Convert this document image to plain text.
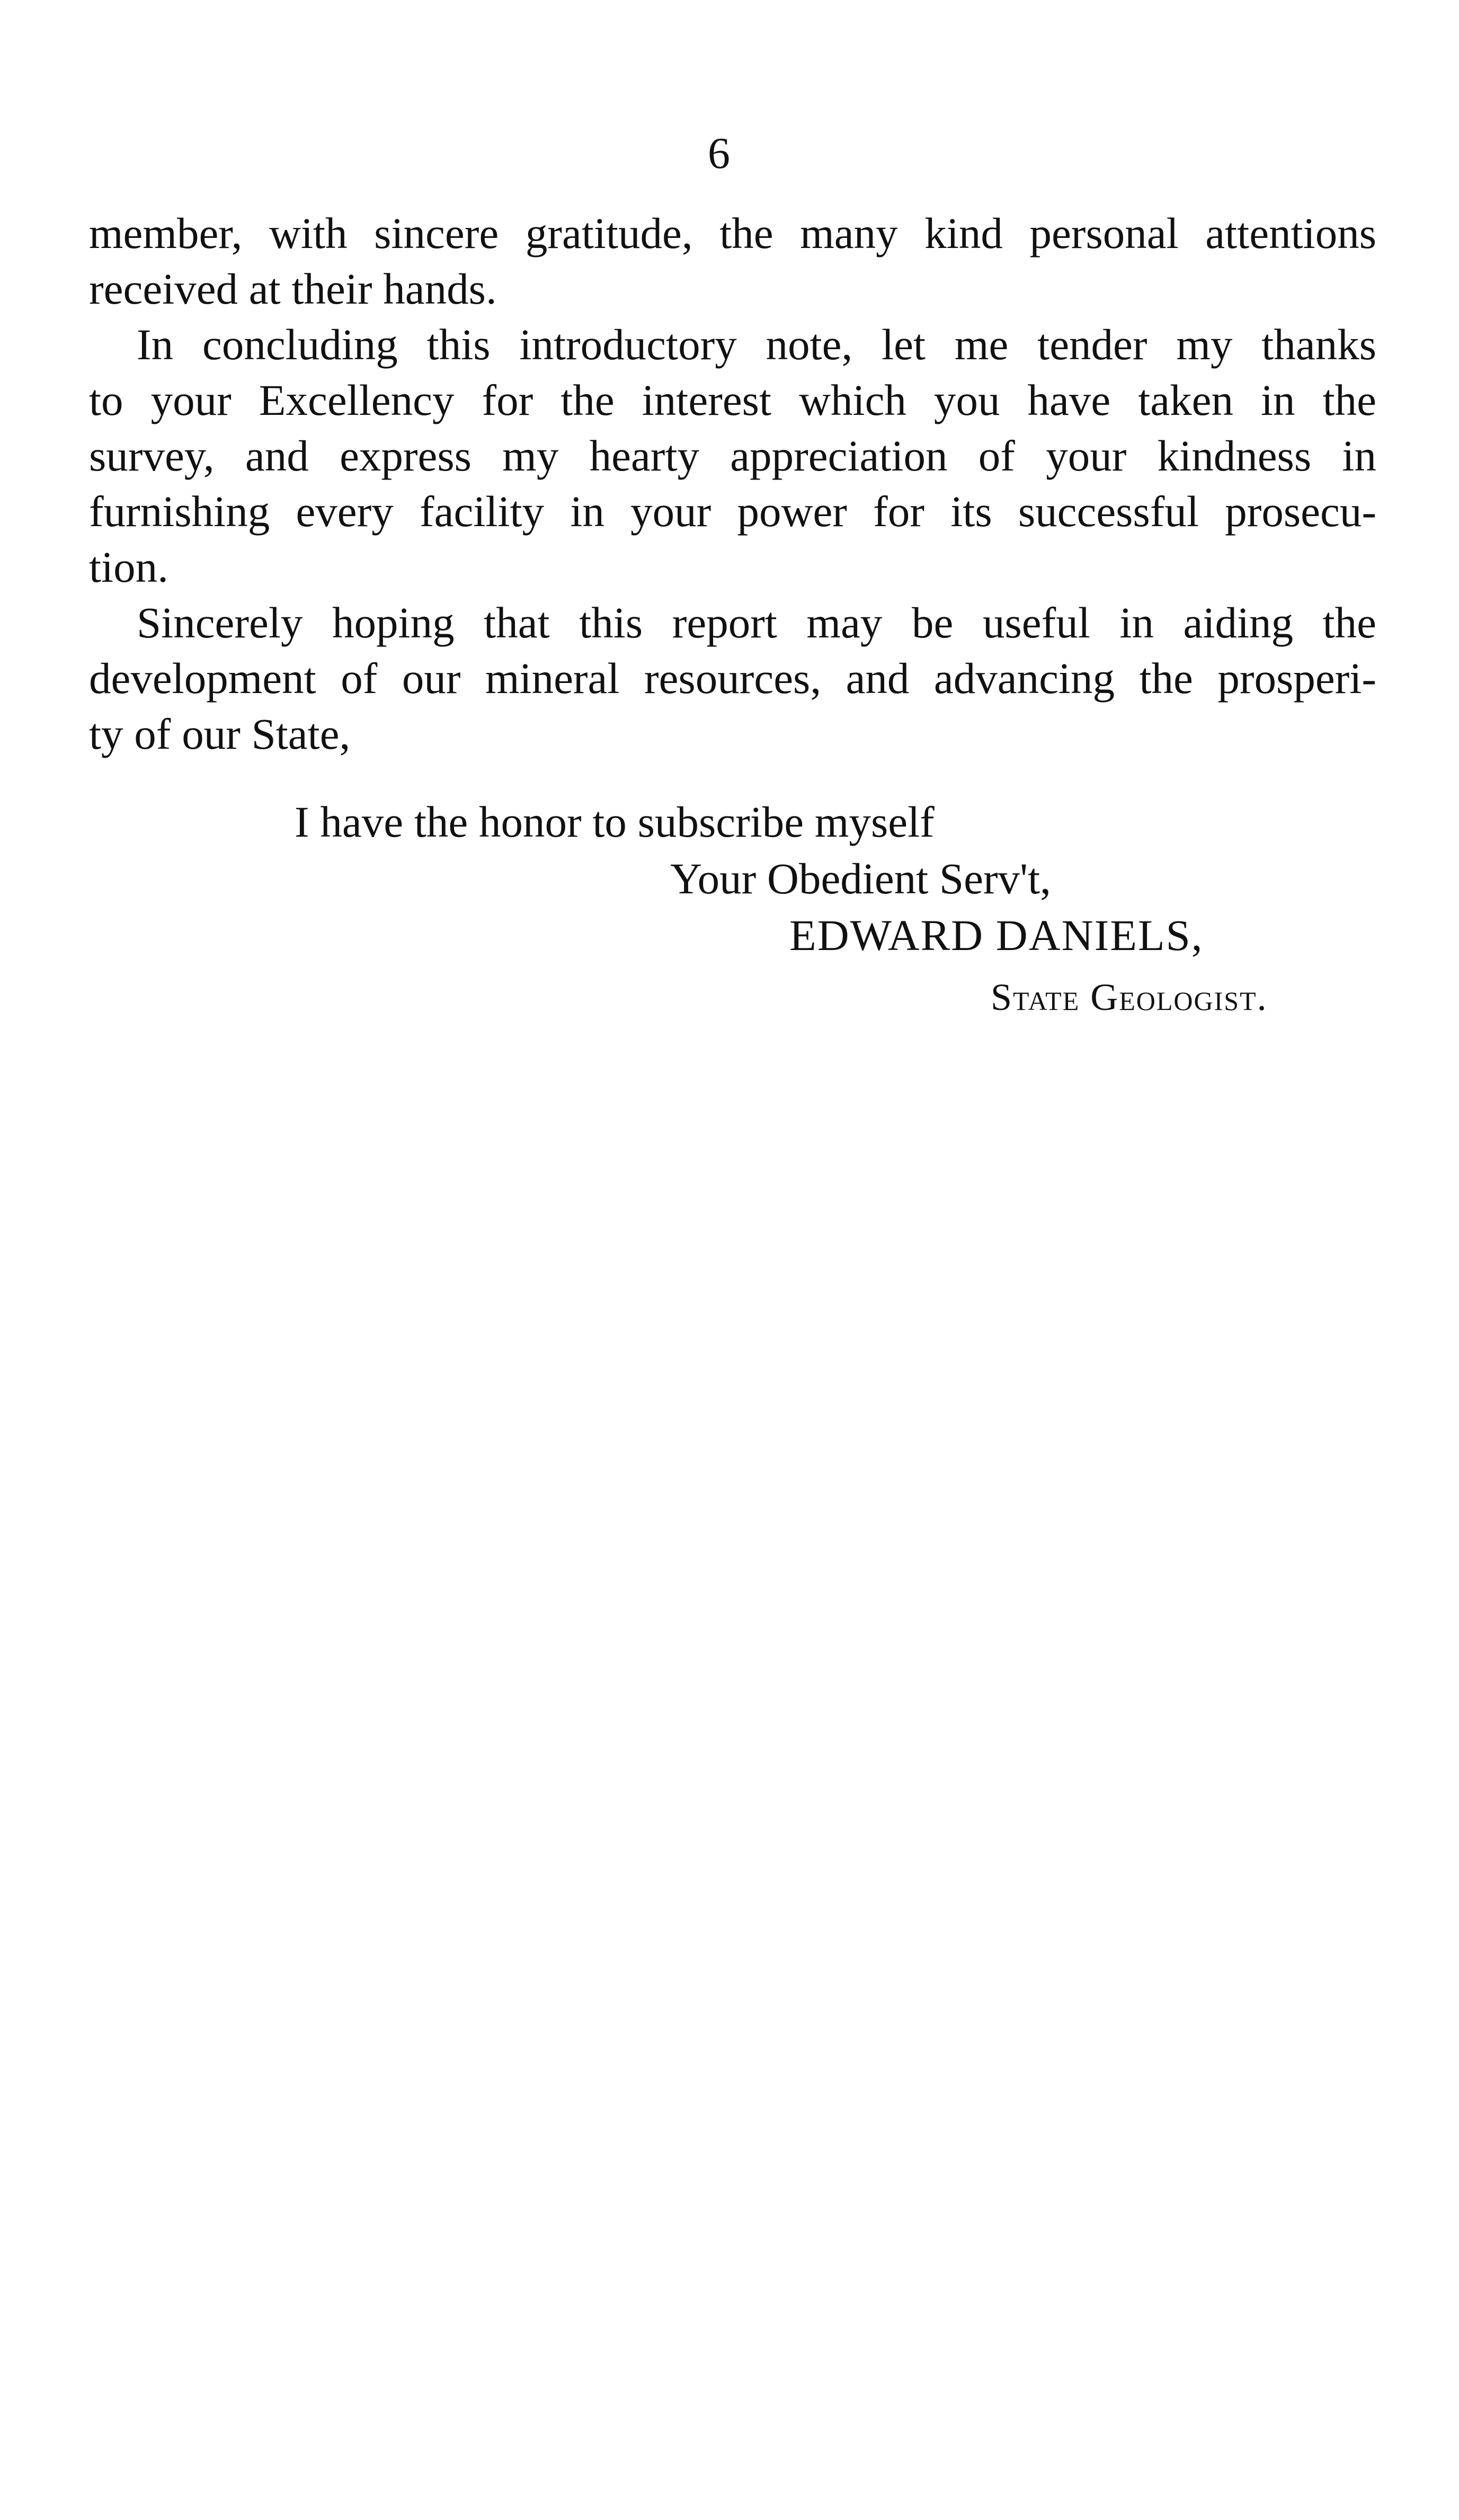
6

member, with sincere gratitude, the many kind personal attentions
received at their hands.

In concluding this introductory note, let me tender my thanks
to your Excellency for the interest which you have taken in the
survey, and express my hearty appreciation of your kindness in
furnishing every facility in your power for its successful prosecu-
tion.

Sincerely hoping that this report may be useful in aiding the
development of our mineral resources, and advancing the prosperi-
ty of our State,

I have the honor to subscribe myself
Your Obedient Serv't,
EDWARD DANIELS,
State Geologist.
